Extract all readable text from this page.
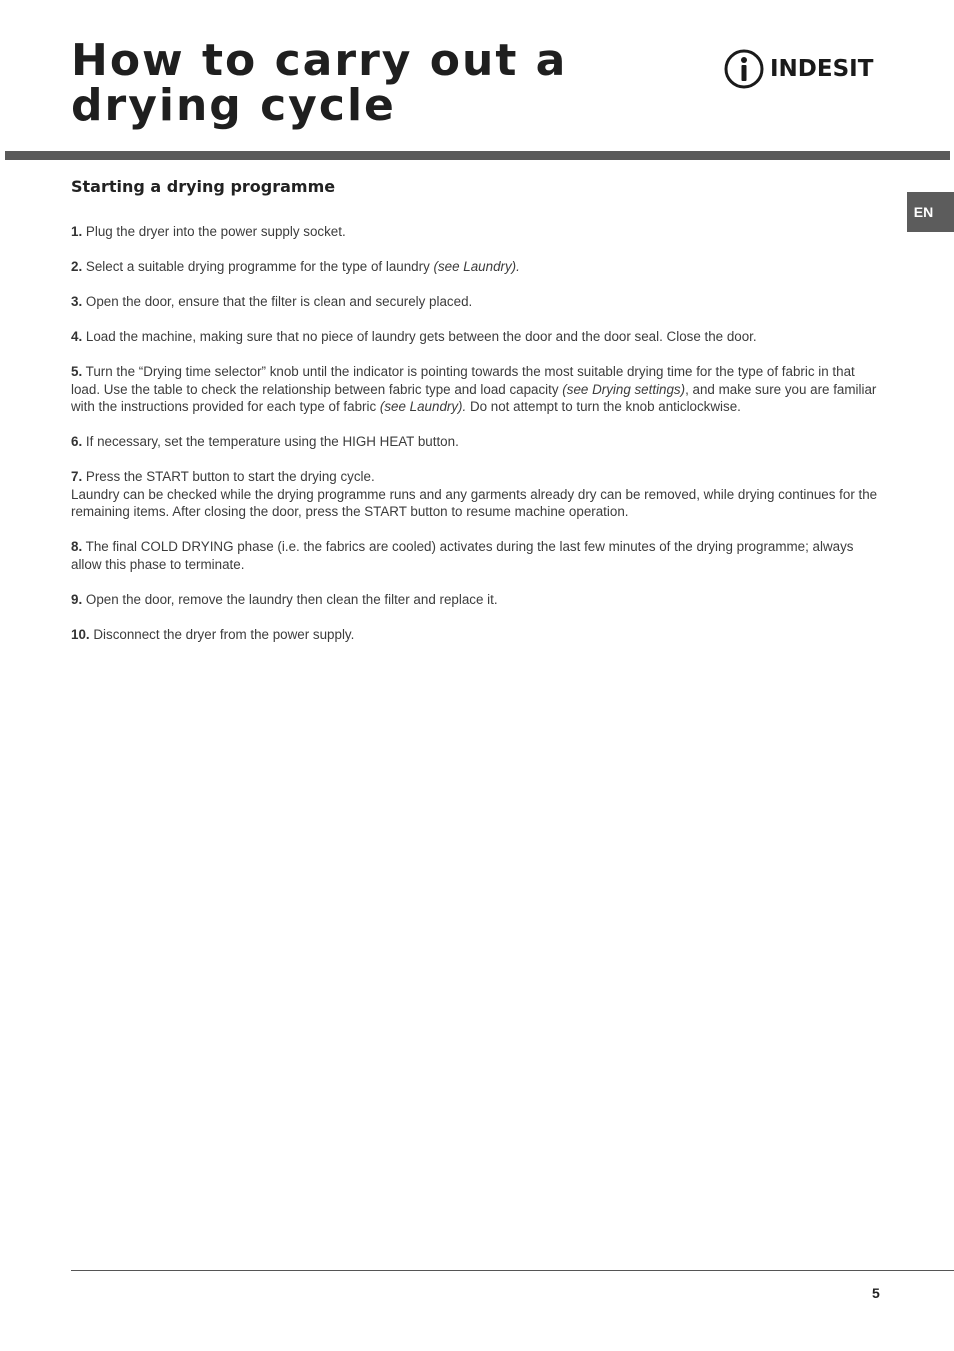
How to carry out a
drying cycle
INDESIT
EN
Starting a drying programme
1. Plug the dryer into the power supply socket.
2. Select a suitable drying programme for the type of laundry (see Laundry).
3. Open the door, ensure that the filter is clean and securely placed.
4. Load the machine, making sure that no piece of laundry gets between the door and the door seal. Close the door.
5. Turn the “Drying time selector” knob until the indicator is pointing towards the most suitable drying time for the type of fabric in that load. Use the table to check the relationship between fabric type and load capacity (see Drying settings), and make sure you are familiar with the instructions provided for each type of fabric (see Laundry). Do not attempt to turn the knob anticlockwise.
6. If necessary, set the temperature using the HIGH HEAT button.
7. Press the START button to start the drying cycle.
Laundry can be checked while the drying programme runs and any garments already dry can be removed, while drying continues for the remaining items. After closing the door, press the START button to resume machine operation.
8. The final COLD DRYING phase (i.e. the fabrics are cooled) activates during the last few minutes of the drying programme; always allow this phase to terminate.
9. Open the door, remove the laundry then clean the filter and replace it.
10. Disconnect the dryer from the power supply.
5
